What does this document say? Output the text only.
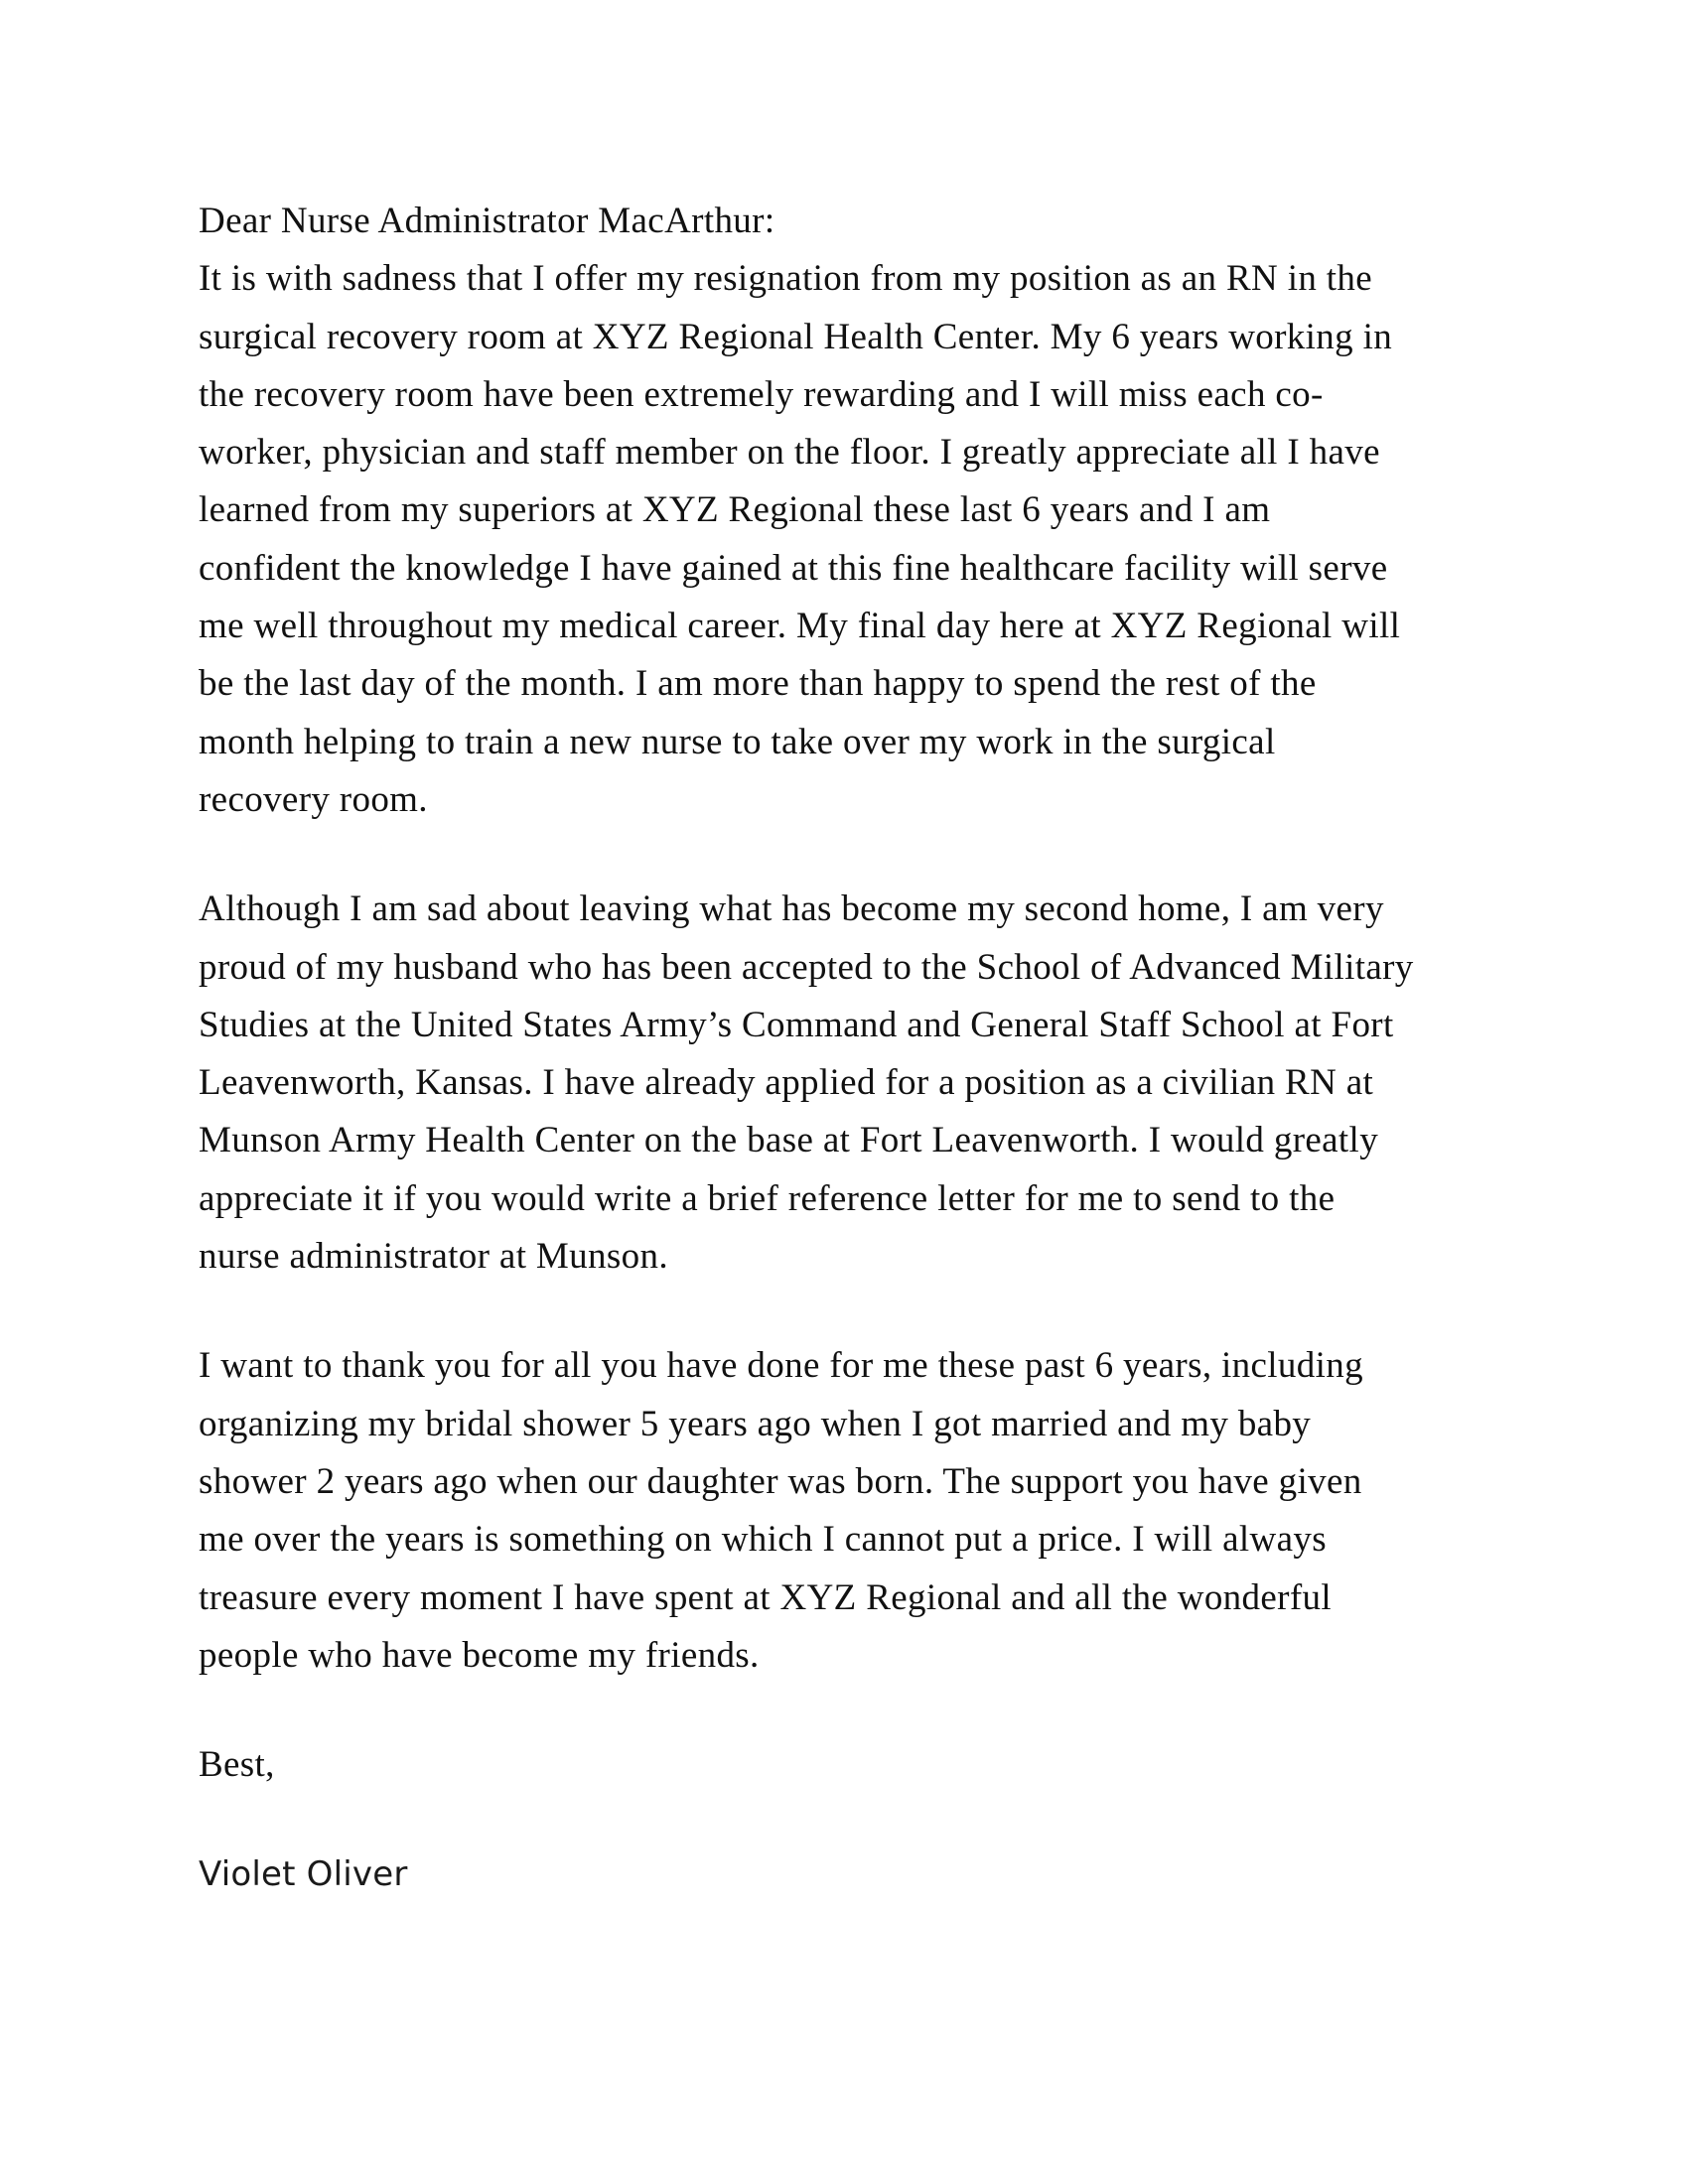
Dear Nurse Administrator MacArthur:

It is with sadness that I offer my resignation from my position as an RN in the
surgical recovery room at XYZ Regional Health Center. My 6 years working in
the recovery room have been extremely rewarding and I will miss each co-
worker, physician and staff member on the floor. I greatly appreciate all I have
learned from my superiors at XYZ Regional these last 6 years and I am
confident the knowledge I have gained at this fine healthcare facility will serve
me well throughout my medical career. My final day here at XYZ Regional will
be the last day of the month. I am more than happy to spend the rest of the
month helping to train a new nurse to take over my work in the surgical
recovery room.

Although I am sad about leaving what has become my second home, I am very
proud of my husband who has been accepted to the School of Advanced Military
Studies at the United States Army’s Command and General Staff School at Fort
Leavenworth, Kansas. I have already applied for a position as a civilian RN at
Munson Army Health Center on the base at Fort Leavenworth. I would greatly
appreciate it if you would write a brief reference letter for me to send to the
nurse administrator at Munson.

I want to thank you for all you have done for me these past 6 years, including
organizing my bridal shower 5 years ago when I got married and my baby
shower 2 years ago when our daughter was born. The support you have given
me over the years is something on which I cannot put a price. I will always
treasure every moment I have spent at XYZ Regional and all the wonderful
people who have become my friends.

Best,

Violet Oliver
